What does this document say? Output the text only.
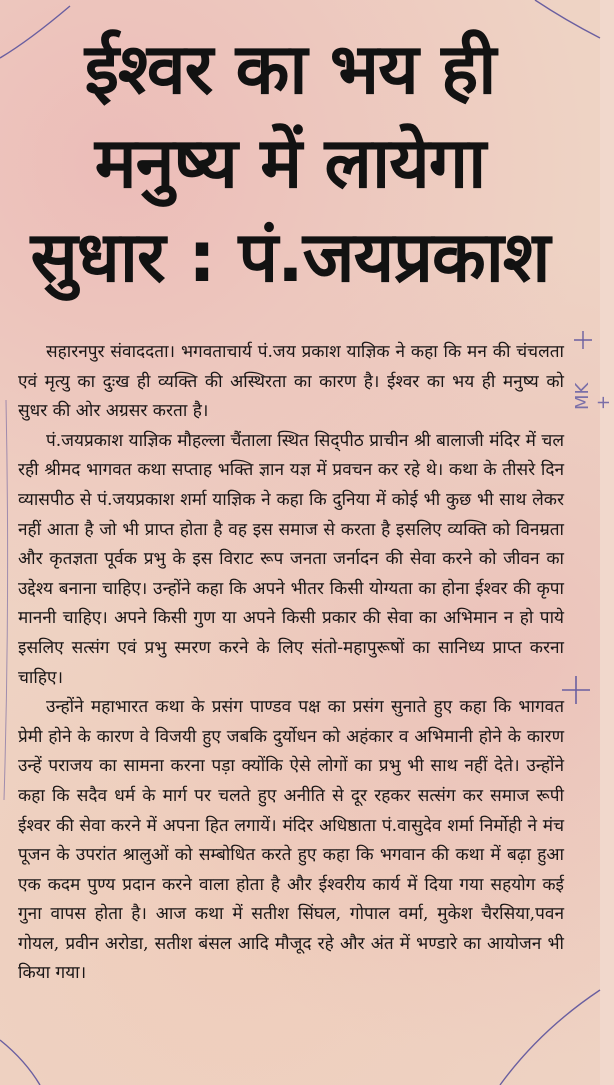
ईश्वर का भय ही
मनुष्य में लायेगा
सुधार : पं.जयप्रकाश

सहारनपुर संवाददता। भगवताचार्य पं.जय प्रकाश याज्ञिक ने कहा कि मन की चंचलता एवं मृत्यु का दुःख ही व्यक्ति की अस्थिरता का कारण है। ईश्वर का भय ही मनुष्य को सुधर की ओर अग्रसर करता है।

पं.जयप्रकाश याज्ञिक मौहल्ला चैंताला स्थित सिद्पीठ प्राचीन श्री बालाजी मंदिर में चल रही श्रीमद भागवत कथा सप्ताह भक्ति ज्ञान यज्ञ में प्रवचन कर रहे थे। कथा के तीसरे दिन व्यासपीठ से पं.जयप्रकाश शर्मा याज्ञिक ने कहा कि दुनिया में कोई भी कुछ भी साथ लेकर नहीं आता है जो भी प्राप्त होता है वह इस समाज से करता है इसलिए व्यक्ति को विनम्रता और कृतज्ञता पूर्वक प्रभु के इस विराट रूप जनता जर्नादन की सेवा करने को जीवन का उद्देश्य बनाना चाहिए। उन्होंने कहा कि अपने भीतर किसी योग्यता का होना ईश्वर की कृपा माननी चाहिए। अपने किसी गुण या अपने किसी प्रकार की सेवा का अभिमान न हो पाये इसलिए सत्संग एवं प्रभु स्मरण करने के लिए संतो-महापुरूषों का सानिध्य प्राप्त करना चाहिए।

उन्होंने महाभारत कथा के प्रसंग पाण्डव पक्ष का प्रसंग सुनाते हुए कहा कि भागवत प्रेमी होने के कारण वे विजयी हुए जबकि दुर्योधन को अहंकार व अभिमानी होने के कारण उन्हें पराजय का सामना करना पड़ा क्योंकि ऐसे लोगों का प्रभु भी साथ नहीं देते। उन्होंने कहा कि सदैव धर्म के मार्ग पर चलते हुए अनीति से दूर रहकर सत्संग कर समाज रूपी ईश्वर की सेवा करने में अपना हित लगायें। मंदिर अधिष्ठाता पं.वासुदेव शर्मा निर्मोही ने मंच पूजन के उपरांत श्रालुओं को सम्बोधित करते हुए कहा कि भगवान की कथा में बढ़ा हुआ एक कदम पुण्य प्रदान करने वाला होता है और ईश्वरीय कार्य में दिया गया सहयोग कई गुना वापस होता है। आज कथा में सतीश सिंघल, गोपाल वर्मा, मुकेश चैरसिया,पवन गोयल, प्रवीन अरोडा, सतीश बंसल आदि मौजूद रहे और अंत में भण्डारे का आयोजन भी किया गया।

MK +
